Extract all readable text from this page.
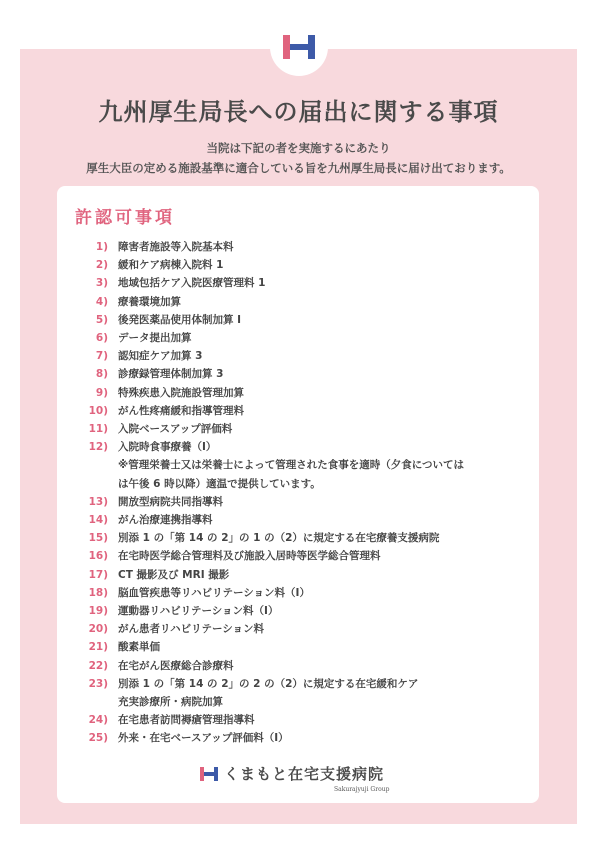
九州厚生局長への届出に関する事項
当院は下記の者を実施するにあたり
厚生大臣の定める施設基準に適合している旨を九州厚生局長に届け出ております。
許認可事項
1) 障害者施設等入院基本料
2) 緩和ケア病棟入院料 1
3) 地域包括ケア入院医療管理料 1
4) 療養環境加算
5) 後発医薬品使用体制加算 Ⅰ
6) データ提出加算
7) 認知症ケア加算 3
8) 診療録管理体制加算 3
9) 特殊疾患入院施設管理加算
10) がん性疼痛緩和指導管理料
11) 入院ベースアップ評価料
12) 入院時食事療養（Ⅰ）
※管理栄養士又は栄養士によって管理された食事を適時（夕食については
は午後 6 時以降）適温で提供しています。
13) 開放型病院共同指導料
14) がん治療連携指導料
15) 別添 1 の「第 14 の 2」の 1 の（2）に規定する在宅療養支援病院
16) 在宅時医学総合管理料及び施設入居時等医学総合管理料
17) CT 撮影及び MRI 撮影
18) 脳血管疾患等リハビリテーション料（Ⅰ）
19) 運動器リハビリテーション料（Ⅰ）
20) がん患者リハビリテーション料
21) 酸素単価
22) 在宅がん医療総合診療料
23) 別添 1 の「第 14 の 2」の 2 の（2）に規定する在宅緩和ケア
充実診療所・病院加算
24) 在宅患者訪問褥瘡管理指導料
25) 外来・在宅ベースアップ評価料（Ⅰ）
くまもと在宅支援病院
Sakurajyuji Group
